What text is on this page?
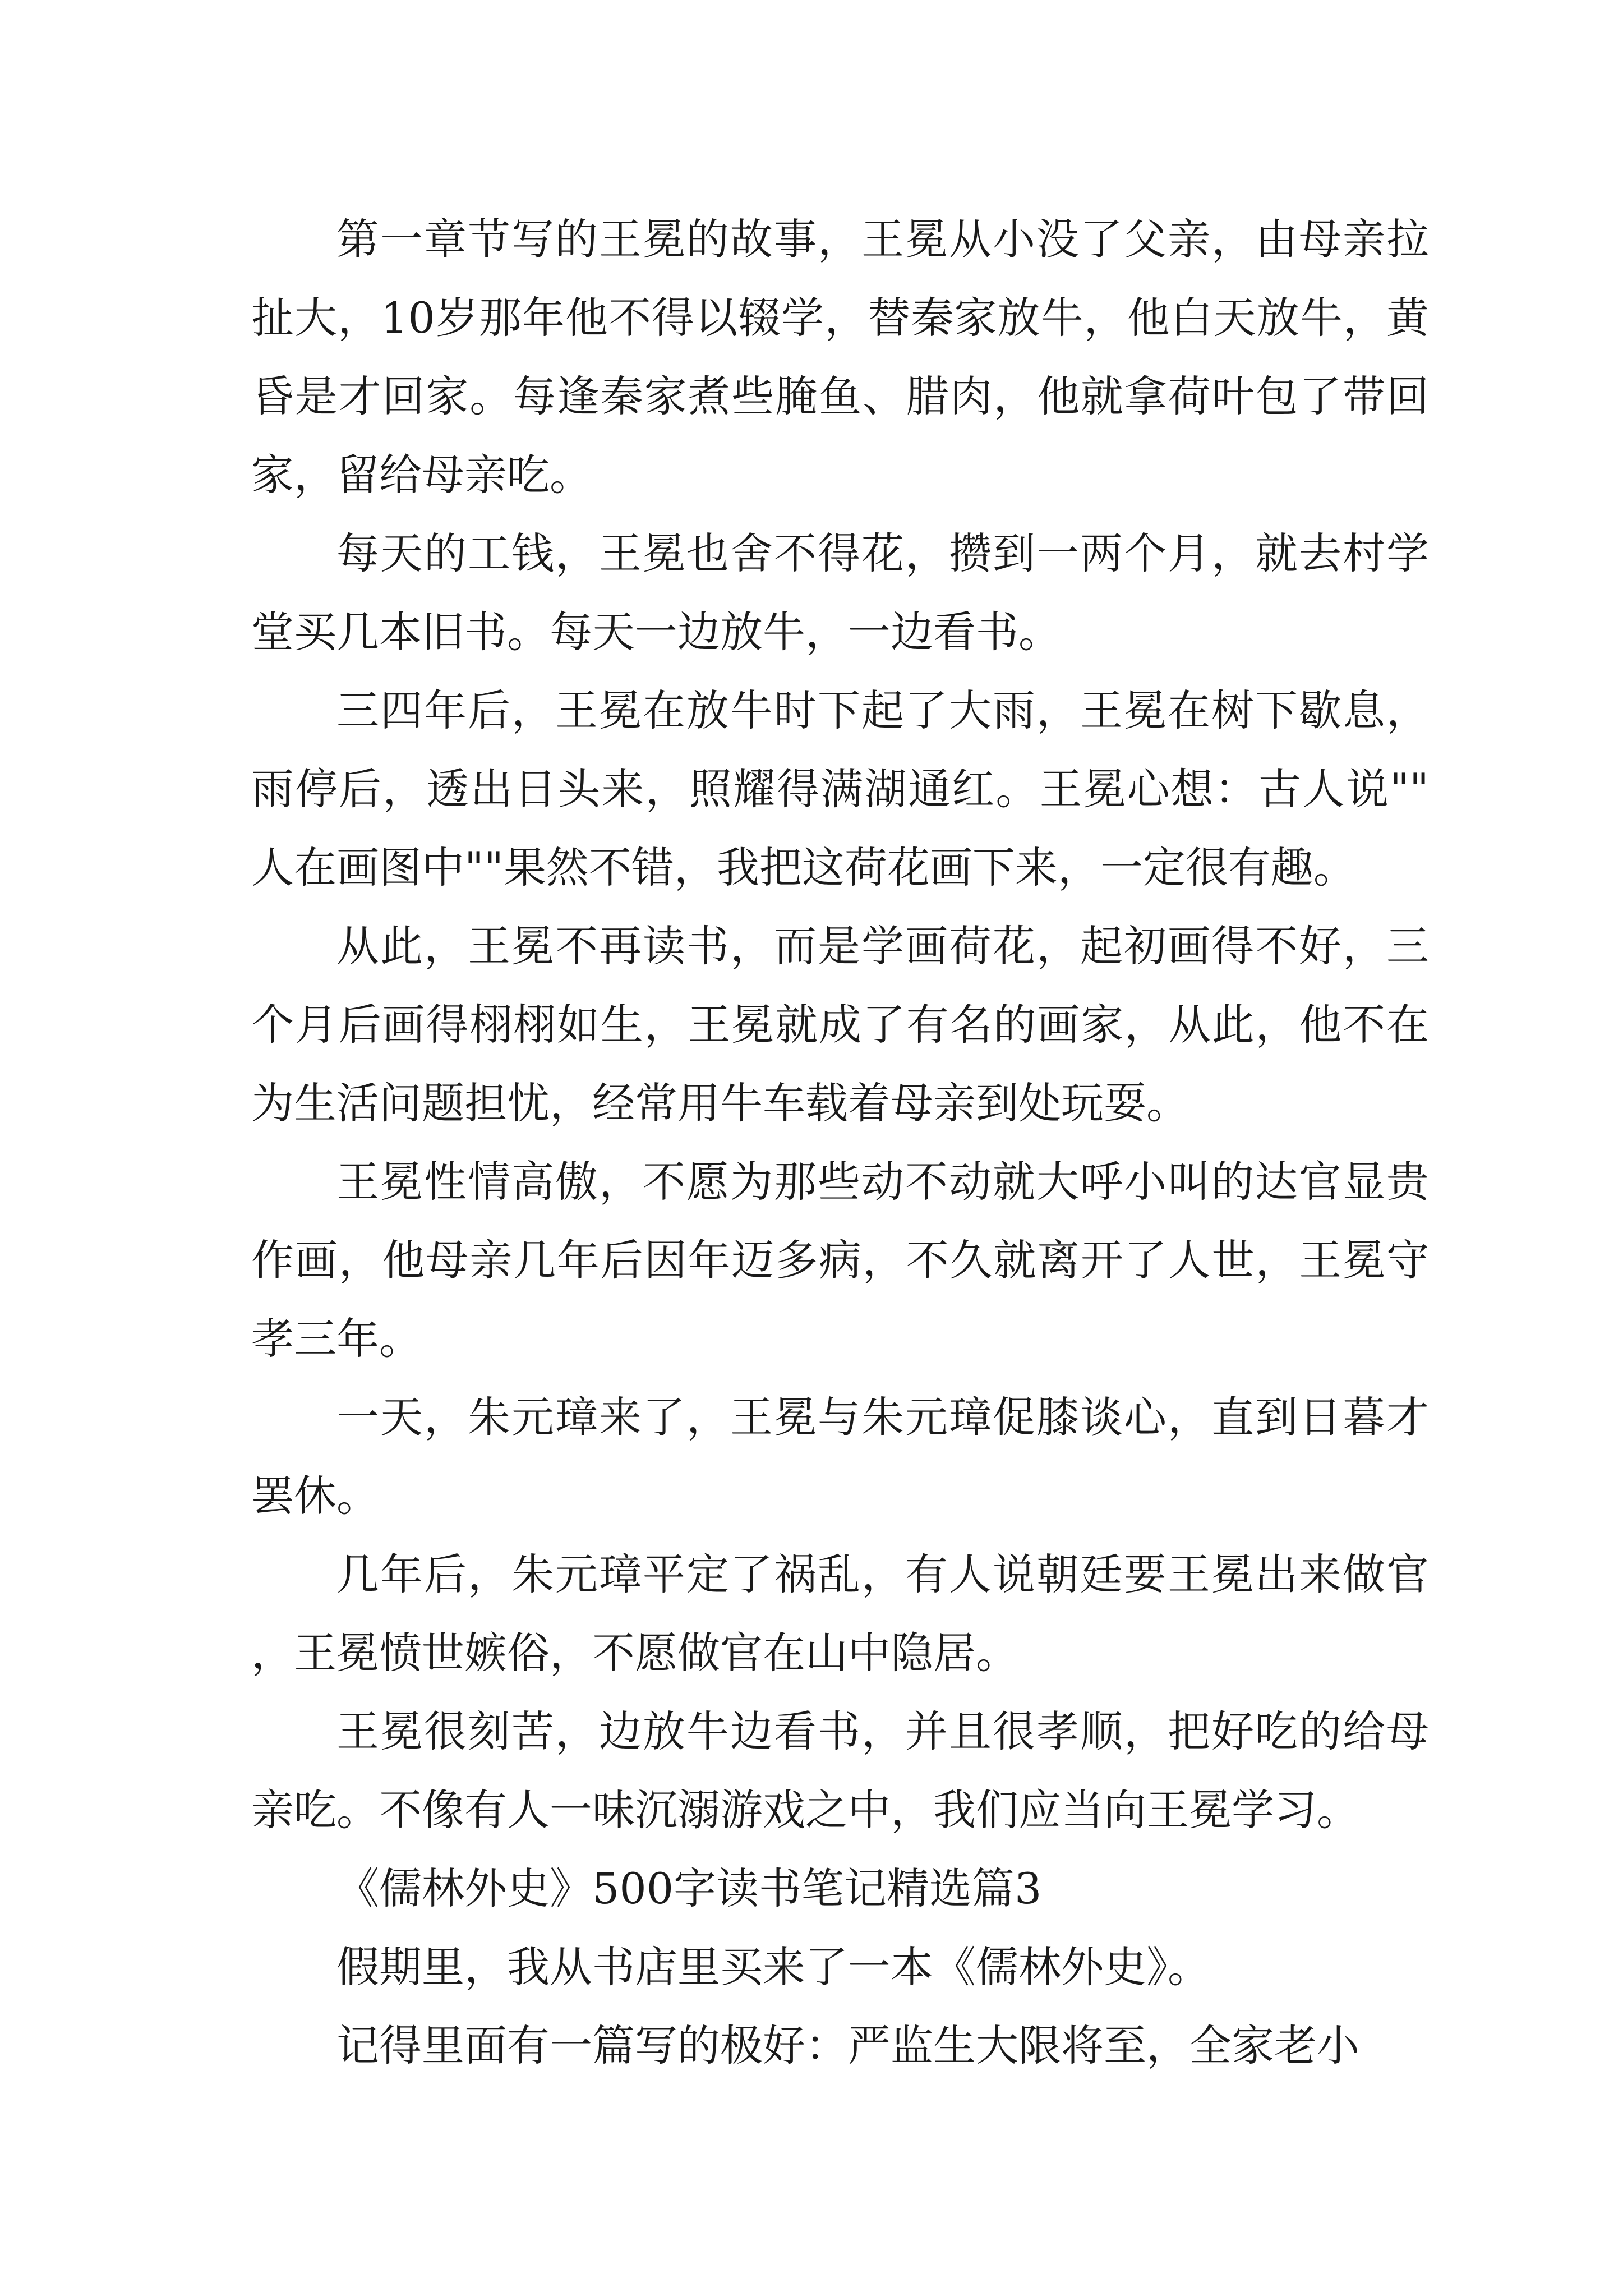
第一章节写的王冕的故事，王冕从小没了父亲，由母亲拉扯大，10岁那年他不得以辍学，替秦家放牛，他白天放牛，黄昏是才回家。每逢秦家煮些腌鱼、腊肉，他就拿荷叶包了带回家，留给母亲吃。

每天的工钱，王冕也舍不得花，攒到一两个月，就去村学堂买几本旧书。每天一边放牛，一边看书。

三四年后，王冕在放牛时下起了大雨，王冕在树下歇息，雨停后，透出日头来，照耀得满湖通红。王冕心想：古人说""人在画图中""果然不错，我把这荷花画下来，一定很有趣。

从此，王冕不再读书，而是学画荷花，起初画得不好，三个月后画得栩栩如生，王冕就成了有名的画家，从此，他不在为生活问题担忧，经常用牛车载着母亲到处玩耍。

王冕性情高傲，不愿为那些动不动就大呼小叫的达官显贵作画，他母亲几年后因年迈多病，不久就离开了人世，王冕守孝三年。

一天，朱元璋来了，王冕与朱元璋促膝谈心，直到日暮才罢休。

几年后，朱元璋平定了祸乱，有人说朝廷要王冕出来做官，王冕愤世嫉俗，不愿做官在山中隐居。

王冕很刻苦，边放牛边看书，并且很孝顺，把好吃的给母亲吃。不像有人一味沉溺游戏之中，我们应当向王冕学习。

《儒林外史》500字读书笔记精选篇3

假期里，我从书店里买来了一本《儒林外史》。

记得里面有一篇写的极好：严监生大限将至，全家老小
